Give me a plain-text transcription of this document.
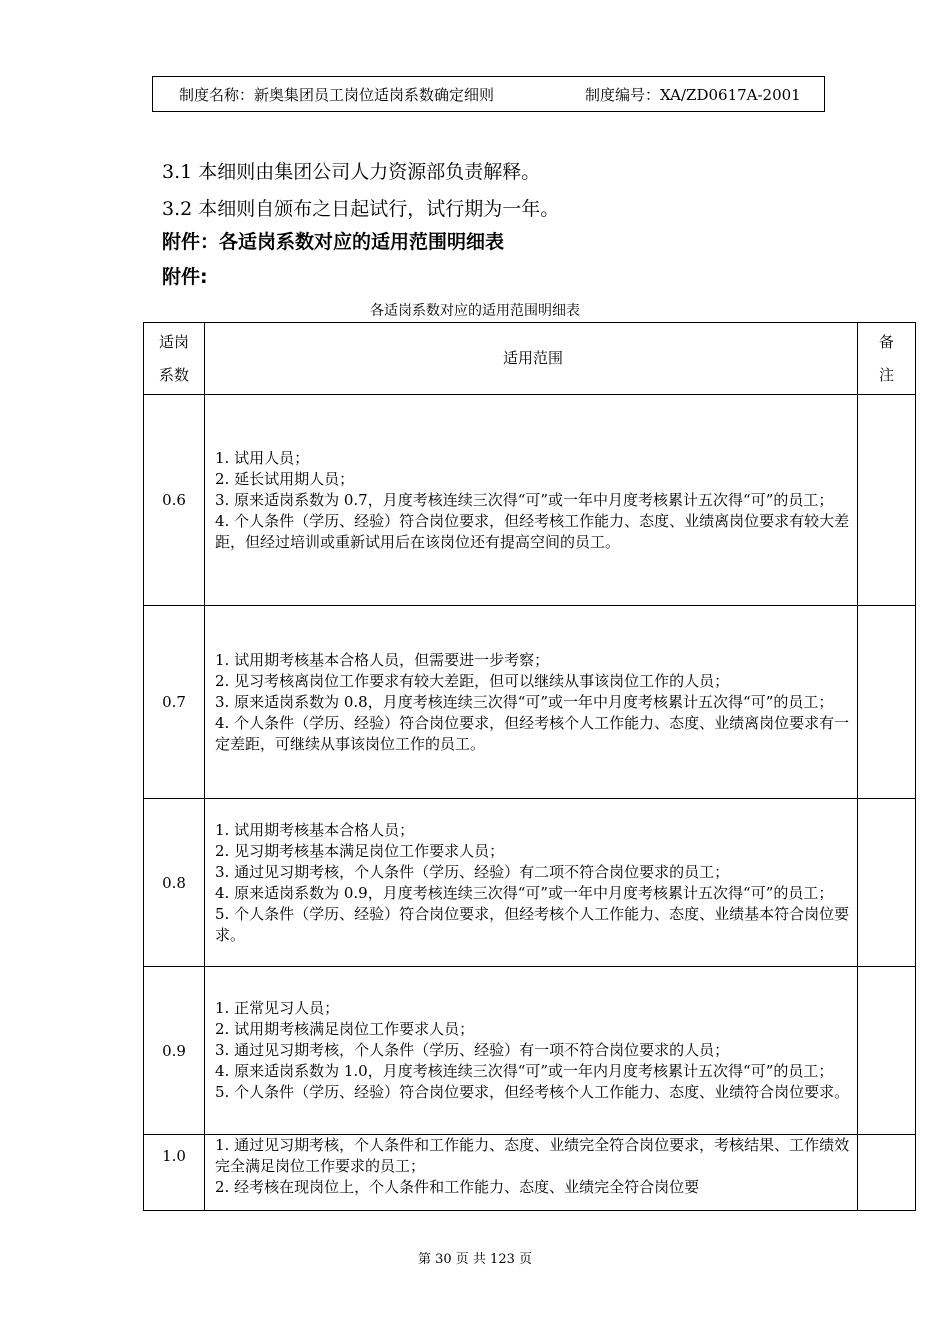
制度名称：新奥集团员工岗位适岗系数确定细则	制度编号：XA/ZD0617A-2001
3.1 本细则由集团公司人力资源部负责解释。
3.2 本细则自颁布之日起试行，试行期为一年。
附件：各适岗系数对应的适用范围明细表
附件:
各适岗系数对应的适用范围明细表
适岗
系数	适用范围	备
注

0.6	1. 试用人员；
2. 延长试用期人员；
3. 原来适岗系数为 0.7，月度考核连续三次得“可”或一年中月度考核累计五次得“可”的员工；
4. 个人条件（学历、经验）符合岗位要求，但经考核工作能力、态度、业绩离岗位要求有较大差距，但经过培训或重新试用后在该岗位还有提高空间的员工。	

0.7	1. 试用期考核基本合格人员，但需要进一步考察；
2. 见习考核离岗位工作要求有较大差距，但可以继续从事该岗位工作的人员；
3. 原来适岗系数为 0.8，月度考核连续三次得“可”或一年中月度考核累计五次得“可”的员工；
4. 个人条件（学历、经验）符合岗位要求，但经考核个人工作能力、态度、业绩离岗位要求有一定差距，可继续从事该岗位工作的员工。	

0.8	1. 试用期考核基本合格人员；
2. 见习期考核基本满足岗位工作要求人员；
3. 通过见习期考核，个人条件（学历、经验）有二项不符合岗位要求的员工；
4. 原来适岗系数为 0.9，月度考核连续三次得“可”或一年中月度考核累计五次得“可”的员工；
5. 个人条件（学历、经验）符合岗位要求，但经考核个人工作能力、态度、业绩基本符合岗位要求。	

0.9	1. 正常见习人员；
2. 试用期考核满足岗位工作要求人员；
3. 通过见习期考核，个人条件（学历、经验）有一项不符合岗位要求的人员；
4. 原来适岗系数为 1.0，月度考核连续三次得“可”或一年内月度考核累计五次得“可”的员工；
5. 个人条件（学历、经验）符合岗位要求，但经考核个人工作能力、态度、业绩符合岗位要求。	

1.0	1. 通过见习期考核，个人条件和工作能力、态度、业绩完全符合岗位要求，考核结果、工作绩效完全满足岗位工作要求的员工；
2. 经考核在现岗位上，个人条件和工作能力、态度、业绩完全符合岗位要	

第 30 页 共 123 页
